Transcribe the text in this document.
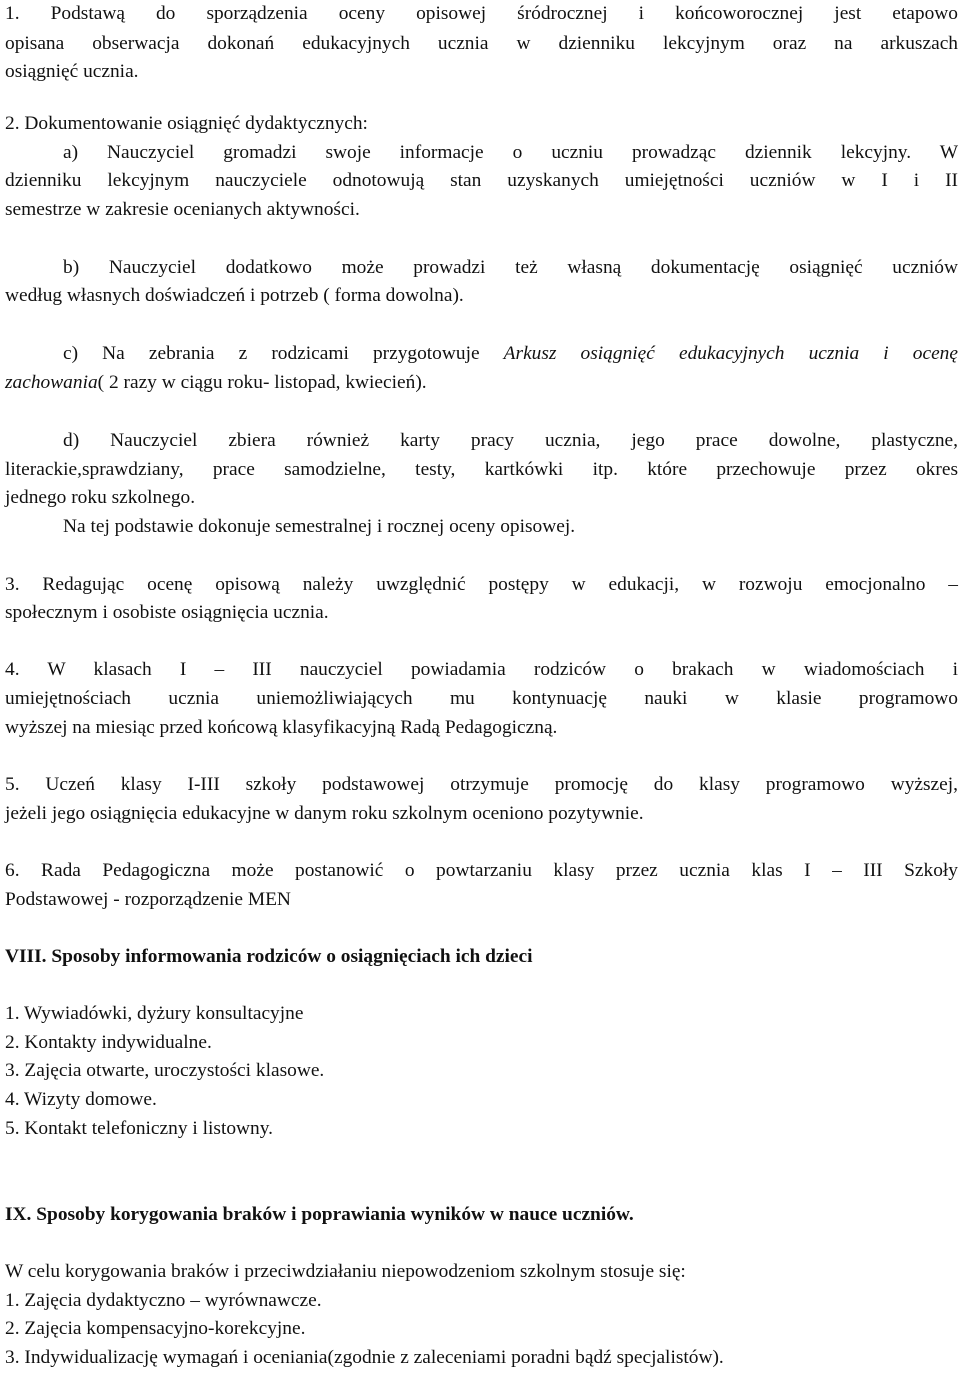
1. Podstawą do sporządzenia oceny opisowej śródrocznej i końcoworocznej jest etapowo
opisana obserwacja dokonań edukacyjnych ucznia w dzienniku lekcyjnym oraz na arkuszach
osiągnięć ucznia.
2. Dokumentowanie osiągnięć dydaktycznych:
a) Nauczyciel gromadzi swoje informacje o uczniu prowadząc dziennik lekcyjny. W
dzienniku lekcyjnym nauczyciele odnotowują stan uzyskanych umiejętności uczniów w I i II
semestrze w zakresie ocenianych aktywności.
b) Nauczyciel dodatkowo może prowadzi też własną dokumentację osiągnięć uczniów
według własnych doświadczeń i potrzeb ( forma dowolna).
c) Na zebrania z rodzicami przygotowuje Arkusz osiągnięć edukacyjnych ucznia i ocenę
zachowania( 2 razy w ciągu roku- listopad, kwiecień).
d) Nauczyciel zbiera również karty pracy ucznia, jego prace dowolne, plastyczne,
literackie,sprawdziany, prace samodzielne, testy, kartkówki itp. które przechowuje przez okres
jednego roku szkolnego.
Na tej podstawie dokonuje semestralnej i rocznej oceny opisowej.
3. Redagując ocenę opisową należy uwzględnić postępy w edukacji, w rozwoju emocjonalno –
społecznym i osobiste osiągnięcia ucznia.
4. W klasach I – III nauczyciel powiadamia rodziców o brakach w wiadomościach i
umiejętnościach ucznia uniemożliwiających mu kontynuację nauki w klasie programowo
wyższej na miesiąc przed końcową klasyfikacyjną Radą Pedagogiczną.
5. Uczeń klasy I-III szkoły podstawowej otrzymuje promocję do klasy programowo wyższej,
jeżeli jego osiągnięcia edukacyjne w danym roku szkolnym oceniono pozytywnie.
6. Rada Pedagogiczna może postanowić o powtarzaniu klasy przez ucznia klas I – III Szkoły
Podstawowej - rozporządzenie MEN
VIII. Sposoby informowania rodziców o osiągnięciach ich dzieci
1. Wywiadówki, dyżury konsultacyjne
2. Kontakty indywidualne.
3. Zajęcia otwarte, uroczystości klasowe.
4. Wizyty domowe.
5. Kontakt telefoniczny i listowny.
IX. Sposoby korygowania braków i poprawiania wyników w nauce uczniów.
W celu korygowania braków i przeciwdziałaniu niepowodzeniom szkolnym stosuje się:
1. Zajęcia dydaktyczno – wyrównawcze.
2. Zajęcia kompensacyjno-korekcyjne.
3. Indywidualizację wymagań i oceniania(zgodnie z zaleceniami poradni bądź specjalistów).
